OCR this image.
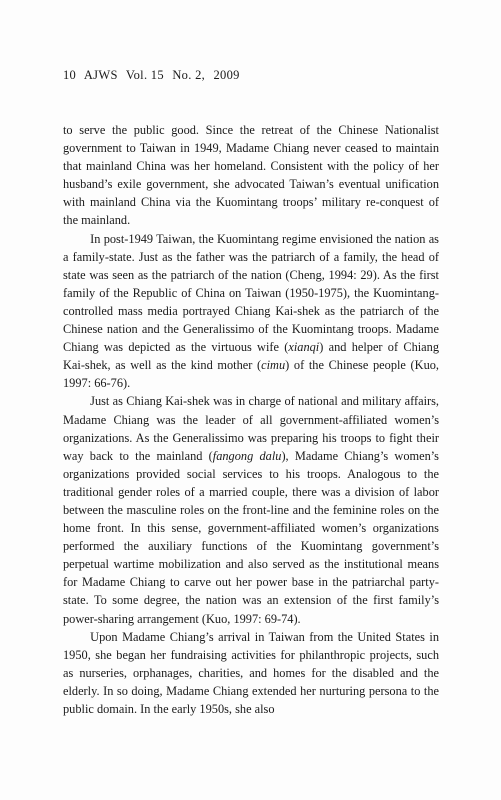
10 AJWS Vol. 15 No. 2, 2009

to serve the public good. Since the retreat of the Chinese Nationalist government to Taiwan in 1949, Madame Chiang never ceased to maintain that mainland China was her homeland. Consistent with the policy of her husband’s exile government, she advocated Taiwan’s eventual unification with mainland China via the Kuomintang troops’ military re-conquest of the mainland.

In post-1949 Taiwan, the Kuomintang regime envisioned the nation as a family-state. Just as the father was the patriarch of a family, the head of state was seen as the patriarch of the nation (Cheng, 1994: 29). As the first family of the Republic of China on Taiwan (1950-1975), the Kuomintang-controlled mass media portrayed Chiang Kai-shek as the patriarch of the Chinese nation and the Generalissimo of the Kuomintang troops. Madame Chiang was depicted as the virtuous wife (xianqi) and helper of Chiang Kai-shek, as well as the kind mother (cimu) of the Chinese people (Kuo, 1997: 66-76).

Just as Chiang Kai-shek was in charge of national and military affairs, Madame Chiang was the leader of all government-affiliated women’s organizations. As the Generalissimo was preparing his troops to fight their way back to the mainland (fangong dalu), Madame Chiang’s women’s organizations provided social services to his troops. Analogous to the traditional gender roles of a married couple, there was a division of labor between the masculine roles on the front-line and the feminine roles on the home front. In this sense, government-affiliated women’s organizations performed the auxiliary functions of the Kuomintang government’s perpetual wartime mobilization and also served as the institutional means for Madame Chiang to carve out her power base in the patriarchal party-state. To some degree, the nation was an extension of the first family’s power-sharing arrangement (Kuo, 1997: 69-74).

Upon Madame Chiang’s arrival in Taiwan from the United States in 1950, she began her fundraising activities for philanthropic projects, such as nurseries, orphanages, charities, and homes for the disabled and the elderly. In so doing, Madame Chiang extended her nurturing persona to the public domain. In the early 1950s, she also
